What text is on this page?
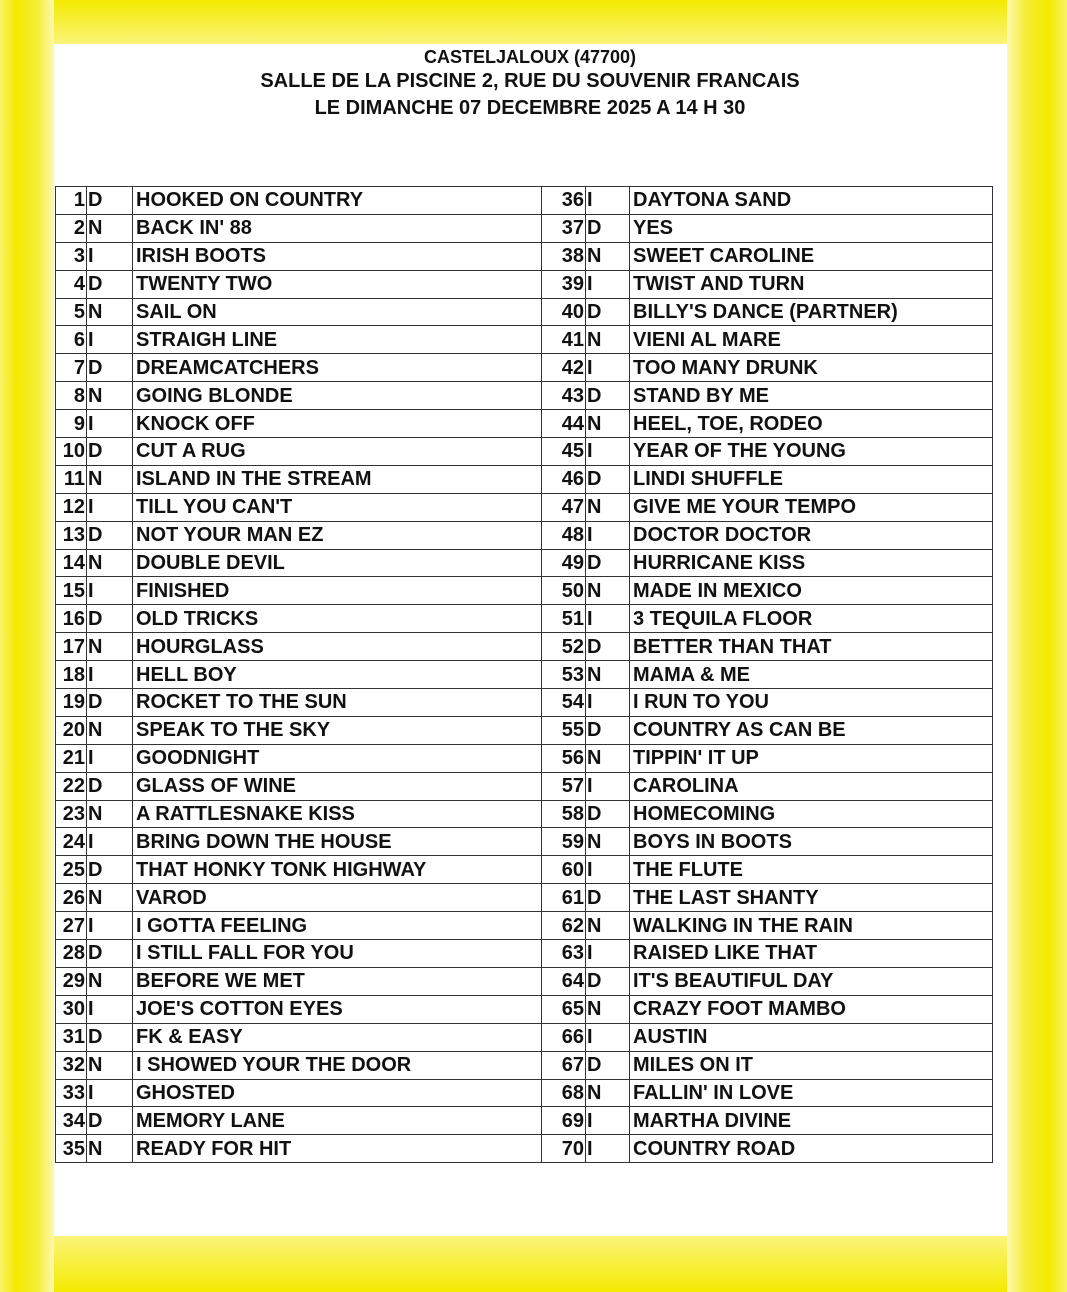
CASTELJALOUX (47700)
SALLE DE LA PISCINE 2, RUE DU SOUVENIR FRANCAIS
LE DIMANCHE 07 DECEMBRE 2025 A 14 H 30
1	D	HOOKED ON COUNTRY	36	I	DAYTONA SAND
2	N	BACK IN' 88	37	D	YES
3	I	IRISH BOOTS	38	N	SWEET CAROLINE
4	D	TWENTY TWO	39	I	TWIST AND TURN
5	N	SAIL ON	40	D	BILLY'S DANCE (PARTNER)
6	I	STRAIGH LINE	41	N	VIENI AL MARE
7	D	DREAMCATCHERS	42	I	TOO MANY DRUNK
8	N	GOING BLONDE	43	D	STAND BY ME
9	I	KNOCK OFF	44	N	HEEL, TOE, RODEO
10	D	CUT A RUG	45	I	YEAR OF THE YOUNG
11	N	ISLAND IN THE STREAM	46	D	LINDI SHUFFLE
12	I	TILL YOU CAN'T	47	N	GIVE ME YOUR TEMPO
13	D	NOT YOUR MAN EZ	48	I	DOCTOR DOCTOR
14	N	DOUBLE DEVIL	49	D	HURRICANE KISS
15	I	FINISHED	50	N	MADE IN MEXICO
16	D	OLD TRICKS	51	I	3 TEQUILA FLOOR
17	N	HOURGLASS	52	D	BETTER THAN THAT
18	I	HELL BOY	53	N	MAMA & ME
19	D	ROCKET TO THE SUN	54	I	I RUN TO YOU
20	N	SPEAK TO THE SKY	55	D	COUNTRY AS CAN BE
21	I	GOODNIGHT	56	N	TIPPIN' IT UP
22	D	GLASS OF WINE	57	I	CAROLINA
23	N	A RATTLESNAKE KISS	58	D	HOMECOMING
24	I	BRING DOWN THE HOUSE	59	N	BOYS IN BOOTS
25	D	THAT HONKY TONK HIGHWAY	60	I	THE FLUTE
26	N	VAROD	61	D	THE LAST SHANTY
27	I	I GOTTA FEELING	62	N	WALKING IN THE RAIN
28	D	I STILL FALL FOR YOU	63	I	RAISED LIKE THAT
29	N	BEFORE WE MET	64	D	IT'S BEAUTIFUL DAY
30	I	JOE'S COTTON EYES	65	N	CRAZY FOOT MAMBO
31	D	FK & EASY	66	I	AUSTIN
32	N	I SHOWED YOUR THE DOOR	67	D	MILES ON IT
33	I	GHOSTED	68	N	FALLIN' IN LOVE
34	D	MEMORY LANE	69	I	MARTHA DIVINE
35	N	READY FOR HIT	70	I	COUNTRY ROAD
